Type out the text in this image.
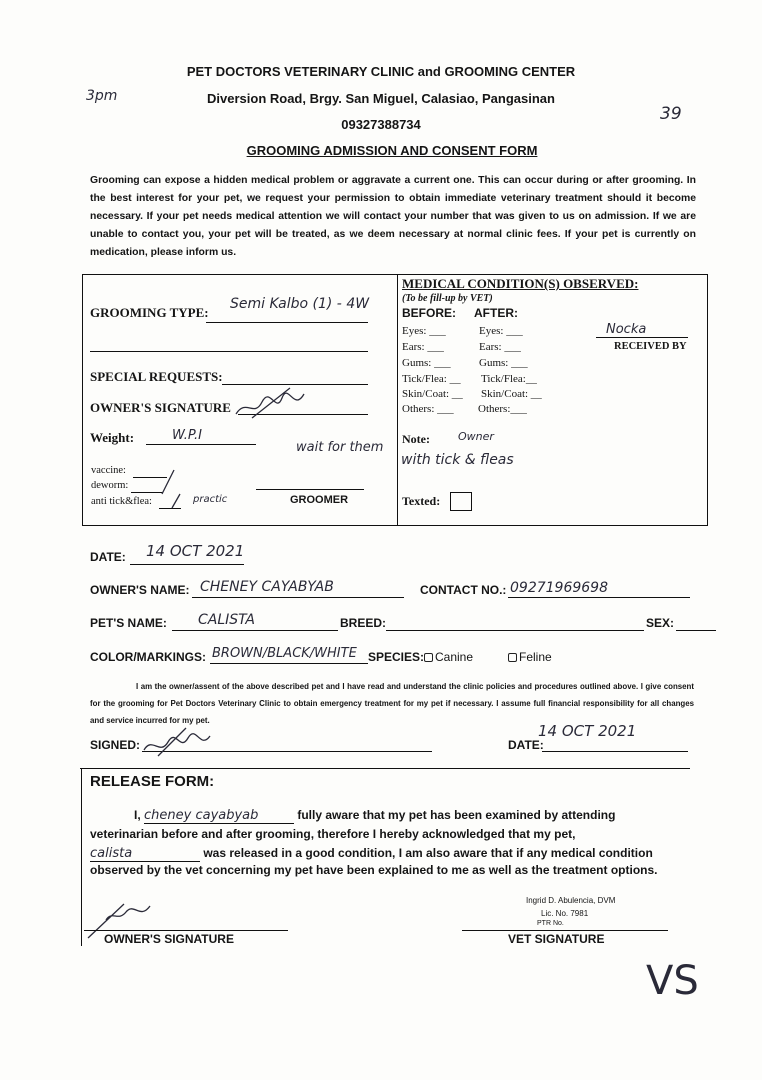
3pm
39
PET DOCTORS VETERINARY CLINIC and GROOMING CENTER
Diversion Road, Brgy. San Miguel, Calasiao, Pangasinan
09327388734
GROOMING ADMISSION AND CONSENT FORM
Grooming can expose a hidden medical problem or aggravate a current one. This can occur during or after grooming. In the best interest for your pet, we request your permission to obtain immediate veterinary treatment should it become necessary. If your pet needs medical attention we will contact your number that was given to us on admission. If we are unable to contact you, your pet will be treated, as we deem necessary at normal clinic fees. If your pet is currently on medication, please inform us.
GROOMING TYPE:
Semi Kalbo (1) - 4W
SPECIAL REQUESTS:
OWNER'S SIGNATURE
Weight:	W.P.I
wait for them
vaccine:
deworm:
anti tick&flea:	practic	GROOMER
MEDICAL CONDITION(S) OBSERVED:
(To be fill-up by VET)
BEFORE: AFTER:
Eyes: ___	Eyes: ___
Ears: ___	Ears: ___
Gums: ___	Gums: ___
Tick/Flea: __ Tick/Flea:__
Skin/Coat: __ Skin/Coat: __
Others: ___ Others:___
Nocka
RECEIVED BY
Note:	Owner
with tick & fleas
Texted:
DATE: 14 OCT 2021
OWNER'S NAME: CHENEY CAYABYAB	CONTACT NO.: 09271969698
PET'S NAME: CALISTA	BREED:	SEX:
COLOR/MARKINGS: BROWN/BLACK/WHITE SPECIES: Canine	Feline
I am the owner/assent of the above described pet and I have read and understand the clinic policies and procedures outlined above. I give consent for the grooming for Pet Doctors Veterinary Clinic to obtain emergency treatment for my pet if necessary. I assume full financial responsibility for all changes and service incurred for my pet.
SIGNED:	DATE:
14 OCT 2021
RELEASE FORM:
I, cheney cayabyab	fully aware that my pet has been examined by attending
veterinarian before and after grooming, therefore I hereby acknowledged that my pet,
calista	was released in a good condition, I am also aware that if any medical condition
observed by the vet concerning my pet have been explained to me as well as the treatment options.
OWNER'S SIGNATURE
Ingrid D. Abulencia, DVM
Lic. No. 7981
PTR No.
VET SIGNATURE
VS
